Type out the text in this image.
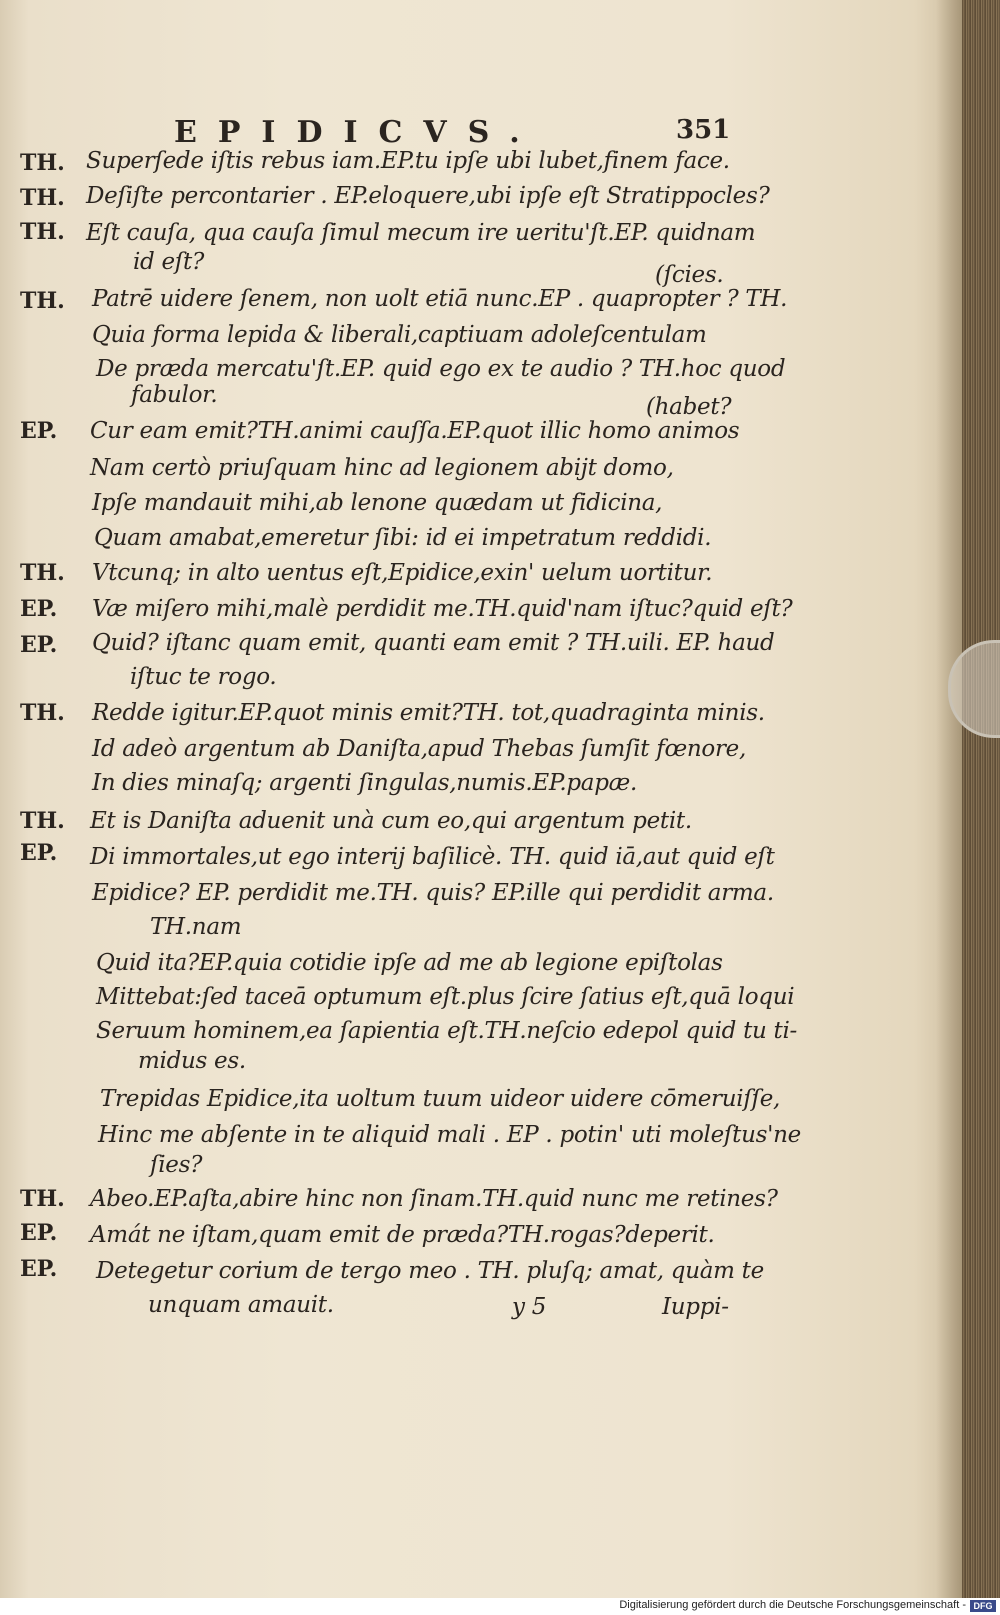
EPIDICVS.	351
TH. Superſede iſtis rebus iam.EP.tu ipſe ubi lubet,finem face.
TH. Deſiſte percontarier . EP.eloquere,ubi ipſe eſt Stratippocles?
TH. Eſt cauſa, qua cauſa ſimul mecum ire ueritu'ſt.EP. quidnam
id eſt?	(ſcies.
TH. Patrē uidere ſenem, non uolt etiā nunc.EP . quapropter ? TH.
Quia forma lepida & liberali,captiuam adoleſcentulam
De præda mercatu'ſt.EP. quid ego ex te audio ? TH.hoc quod
fabulor.	(habet?
EP. Cur eam emit?TH.animi cauſſa.EP.quot illic homo animos
Nam certò priuſquam hinc ad legionem abijt domo,
Ipſe mandauit mihi,ab lenone quædam ut fidicina,
Quam amabat,emeretur ſibi: id ei impetratum reddidi.
TH. Vtcunq; in alto uentus eſt,Epidice,exin' uelum uortitur.
EP. Væ miſero mihi,malè perdidit me.TH.quid'nam iſtuc?quid eſt?
EP. Quid? iſtanc quam emit, quanti eam emit ? TH.uili. EP. haud
iſtuc te rogo.
TH. Redde igitur.EP.quot minis emit?TH. tot,quadraginta minis.
Id adeò argentum ab Daniſta,apud Thebas ſumſit fœnore,
In dies minaſq; argenti ſingulas,numis.EP.papæ.
TH. Et is Daniſta aduenit unà cum eo,qui argentum petit.
EP. Di immortales,ut ego interij baſilicè. TH. quid iā,aut quid eſt
Epidice? EP. perdidit me.TH. quis? EP.ille qui perdidit arma.
TH.nam
Quid ita?EP.quia cotidie ipſe ad me ab legione epiſtolas
Mittebat:ſed taceā optumum eſt.plus ſcire ſatius eſt,quā loqui
Seruum hominem,ea ſapientia eſt.TH.neſcio edepol quid tu ti-
midus es.
Trepidas Epidice,ita uoltum tuum uideor uidere cōmeruiſſe,
Hinc me abſente in te aliquid mali . EP . potin' uti moleſtus'ne
ſies?
TH. Abeo.EP.aſta,abire hinc non ſinam.TH.quid nunc me retines?
EP. Amát ne iſtam,quam emit de præda?TH.rogas?deperit.
EP. Detegetur corium de tergo meo . TH. pluſq; amat, quàm te
unquam amauit.	y 5	Iuppi-
Digitalisierung gefördert durch die Deutsche Forschungsgemeinschaft - DFG
